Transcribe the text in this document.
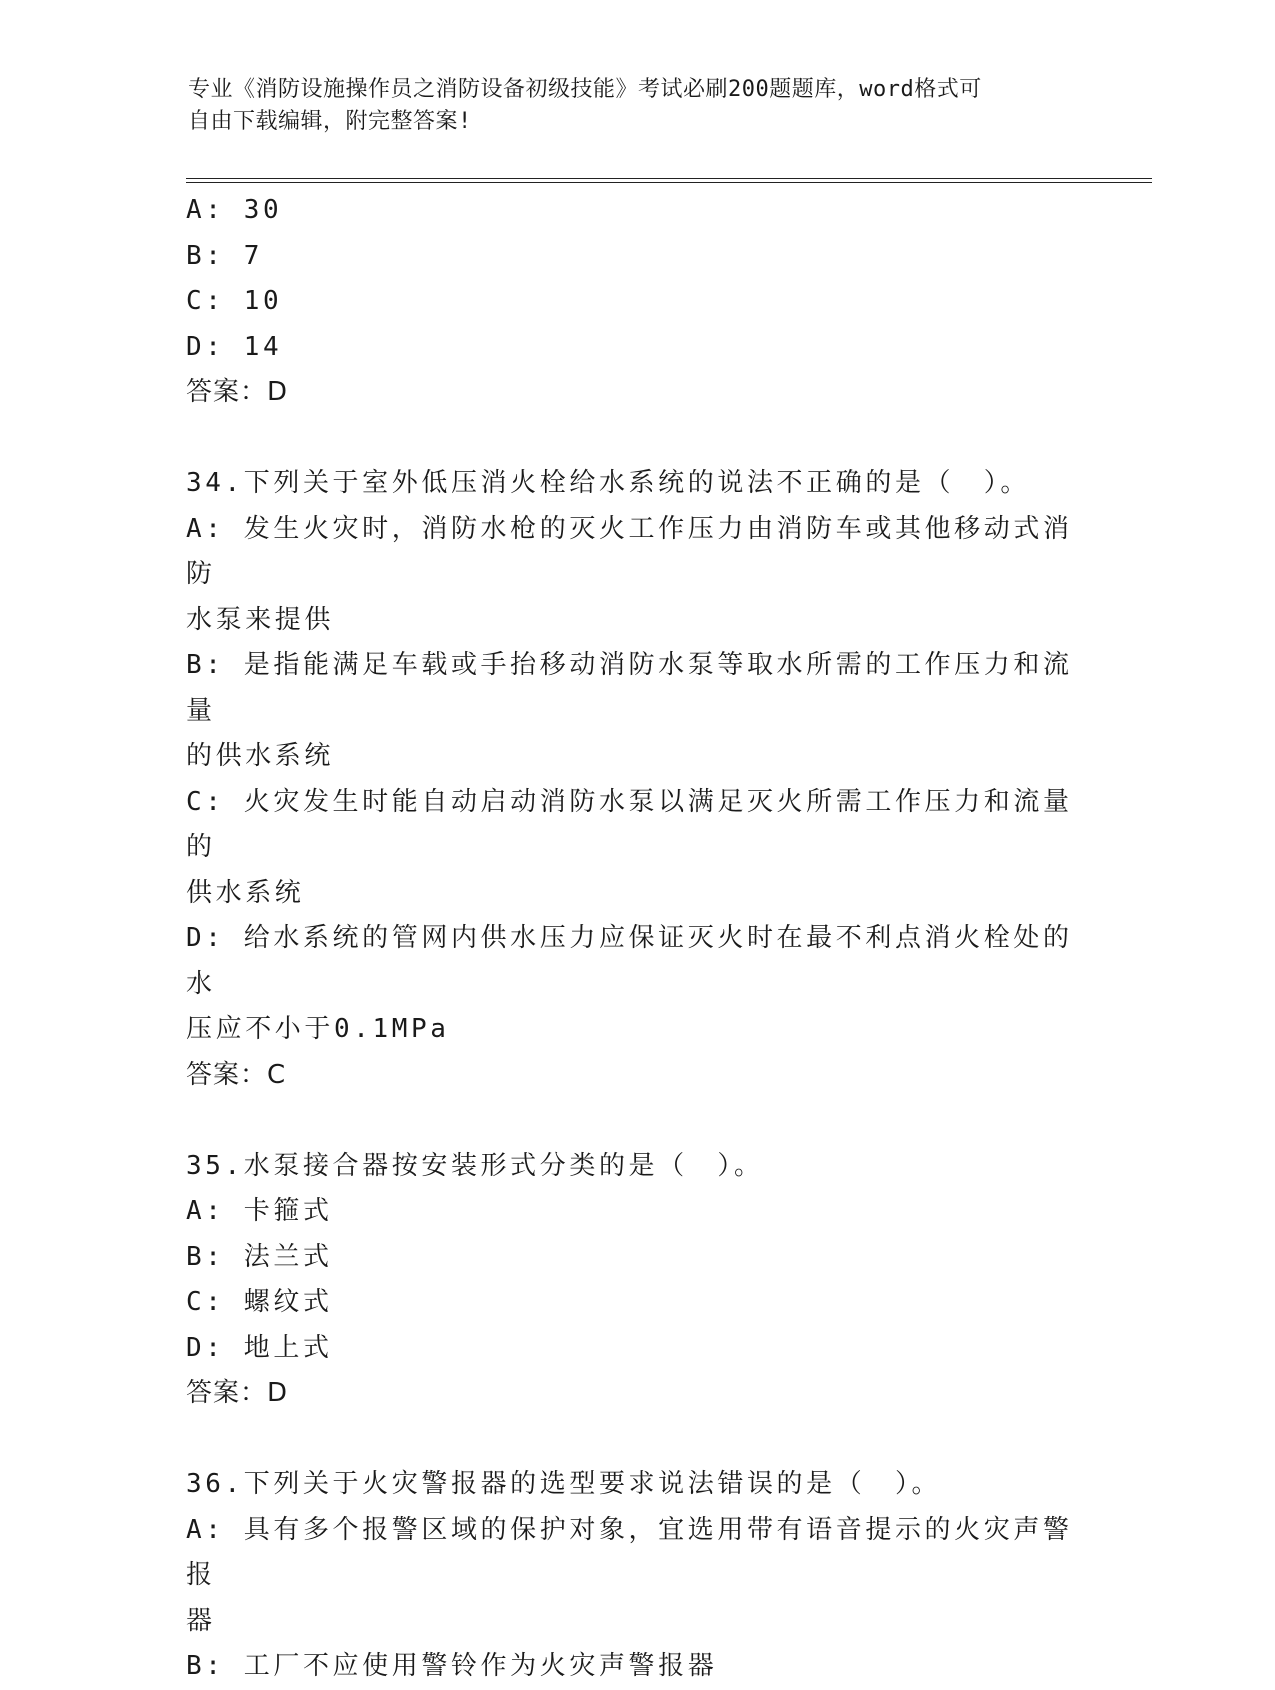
专业《消防设施操作员之消防设备初级技能》考试必刷200题题库，word格式可
自由下载编辑，附完整答案!
A: 30
B: 7
C: 10
D: 14
答案：D
34.下列关于室外低压消火栓给水系统的说法不正确的是（　）。
A: 发生火灾时，消防水枪的灭火工作压力由消防车或其他移动式消防
水泵来提供
B: 是指能满足车载或手抬移动消防水泵等取水所需的工作压力和流量
的供水系统
C: 火灾发生时能自动启动消防水泵以满足灭火所需工作压力和流量的
供水系统
D: 给水系统的管网内供水压力应保证灭火时在最不利点消火栓处的水
压应不小于0.1MPa
答案：C
35.水泵接合器按安装形式分类的是（　）。
A: 卡箍式
B: 法兰式
C: 螺纹式
D: 地上式
答案：D
36.下列关于火灾警报器的选型要求说法错误的是（　）。
A: 具有多个报警区域的保护对象，宜选用带有语音提示的火灾声警报
器
B: 工厂不应使用警铃作为火灾声警报器
